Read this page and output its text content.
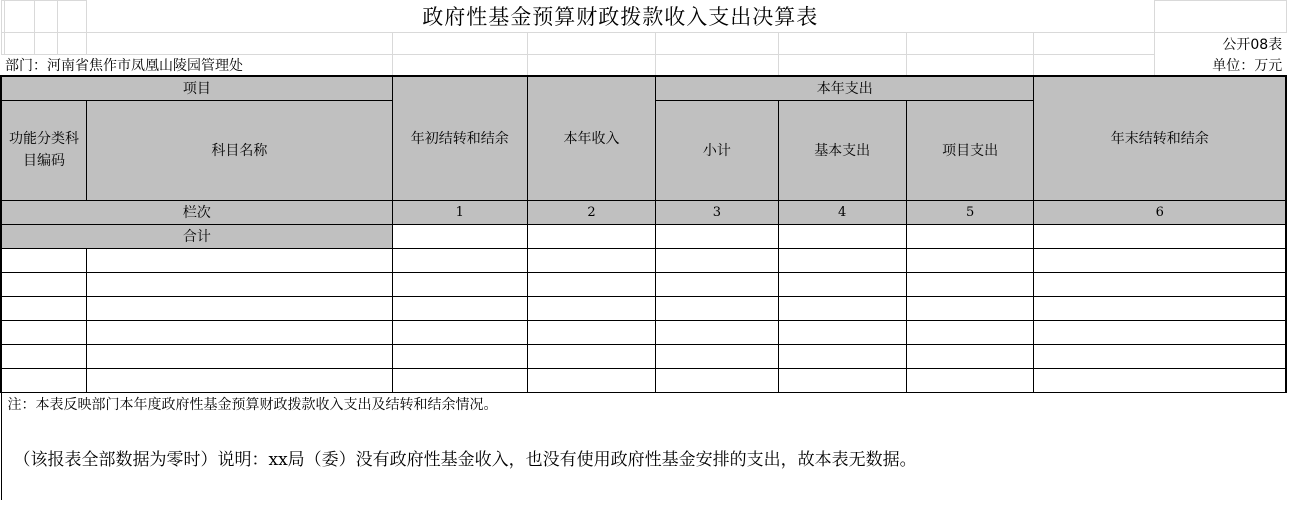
				政府性基金预算财政拨款收入支出决算表								
											公开08表	
部门：河南省焦作市凤凰山陵园管理处											单位：万元	
项目					年初结转和结余	本年收入	本年支出			年末结转和结余		
功能分类科目编码				科目名称			小计	基本支出	项目支出			
栏次					1	2	3	4	5	6		
合计												

注：本表反映部门本年度政府性基金预算财政拨款收入支出及结转和结余情况。												
（该报表全部数据为零时）说明：xx局（委）没有政府性基金收入，也没有使用政府性基金安排的支出，故本表无数据。												
